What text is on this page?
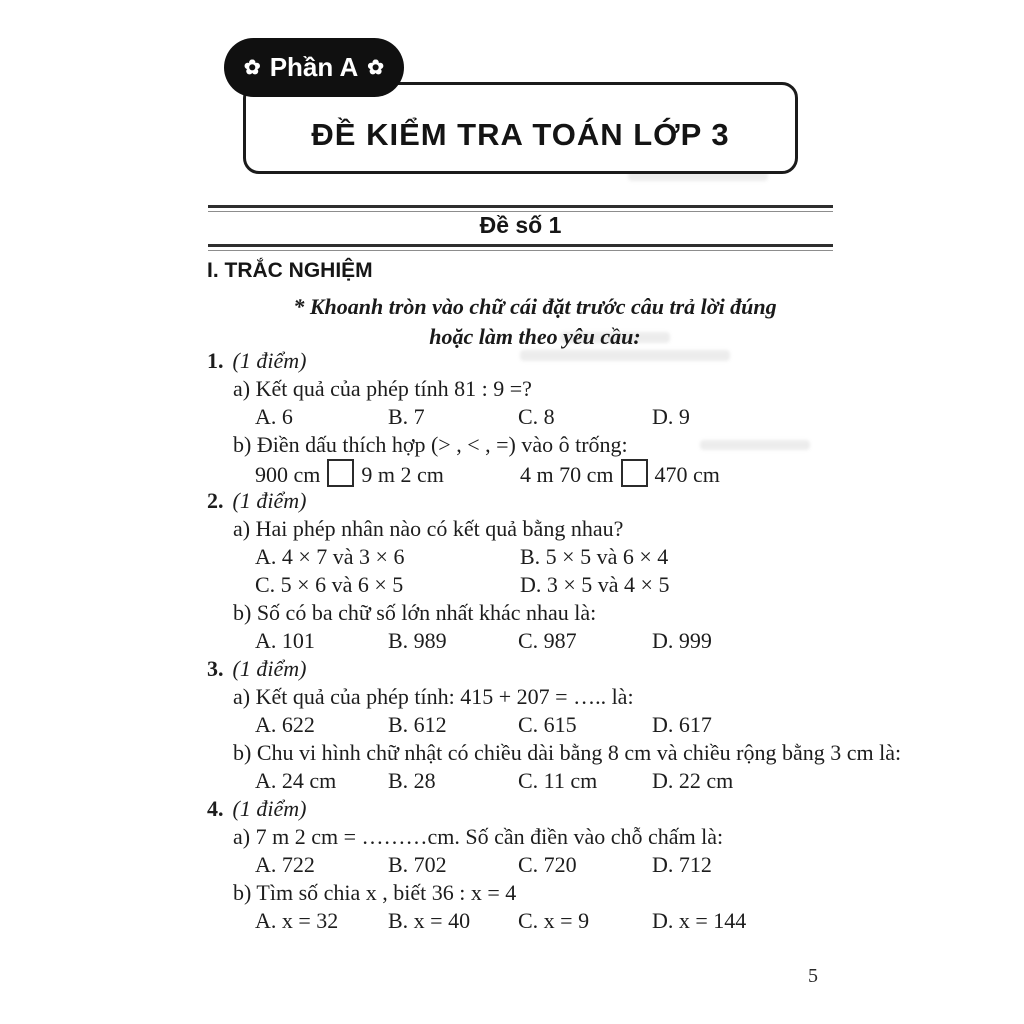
✿ Phần A ✿
ĐỀ KIỂM TRA TOÁN LỚP 3
Đề số 1
I. TRẮC NGHIỆM
* Khoanh tròn vào chữ cái đặt trước câu trả lời đúng
hoặc làm theo yêu cầu:
1. (1 điểm)
a) Kết quả của phép tính 81 : 9 =?
A. 6	B. 7	C. 8	D. 9
b) Điền dấu thích hợp (> , < , =) vào ô trống:
900 cm 9 m 2 cm	4 m 70 cm 470 cm
2. (1 điểm)
a) Hai phép nhân nào có kết quả bằng nhau?
A. 4 × 7 và 3 × 6	B. 5 × 5 và 6 × 4
C. 5 × 6 và 6 × 5	D. 3 × 5 và 4 × 5
b) Số có ba chữ số lớn nhất khác nhau là:
A. 101	B. 989	C. 987	D. 999
3. (1 điểm)
a) Kết quả của phép tính: 415 + 207 = ….. là:
A. 622	B. 612	C. 615	D. 617
b) Chu vi hình chữ nhật có chiều dài bằng 8 cm và chiều rộng bằng 3 cm là:
A. 24 cm	B. 28	C. 11 cm	D. 22 cm
4. (1 điểm)
a) 7 m 2 cm = ………cm. Số cần điền vào chỗ chấm là:
A. 722	B. 702	C. 720	D. 712
b) Tìm số chia x , biết 36 : x = 4
A. x = 32	B. x = 40	C. x = 9	D. x = 144
5
